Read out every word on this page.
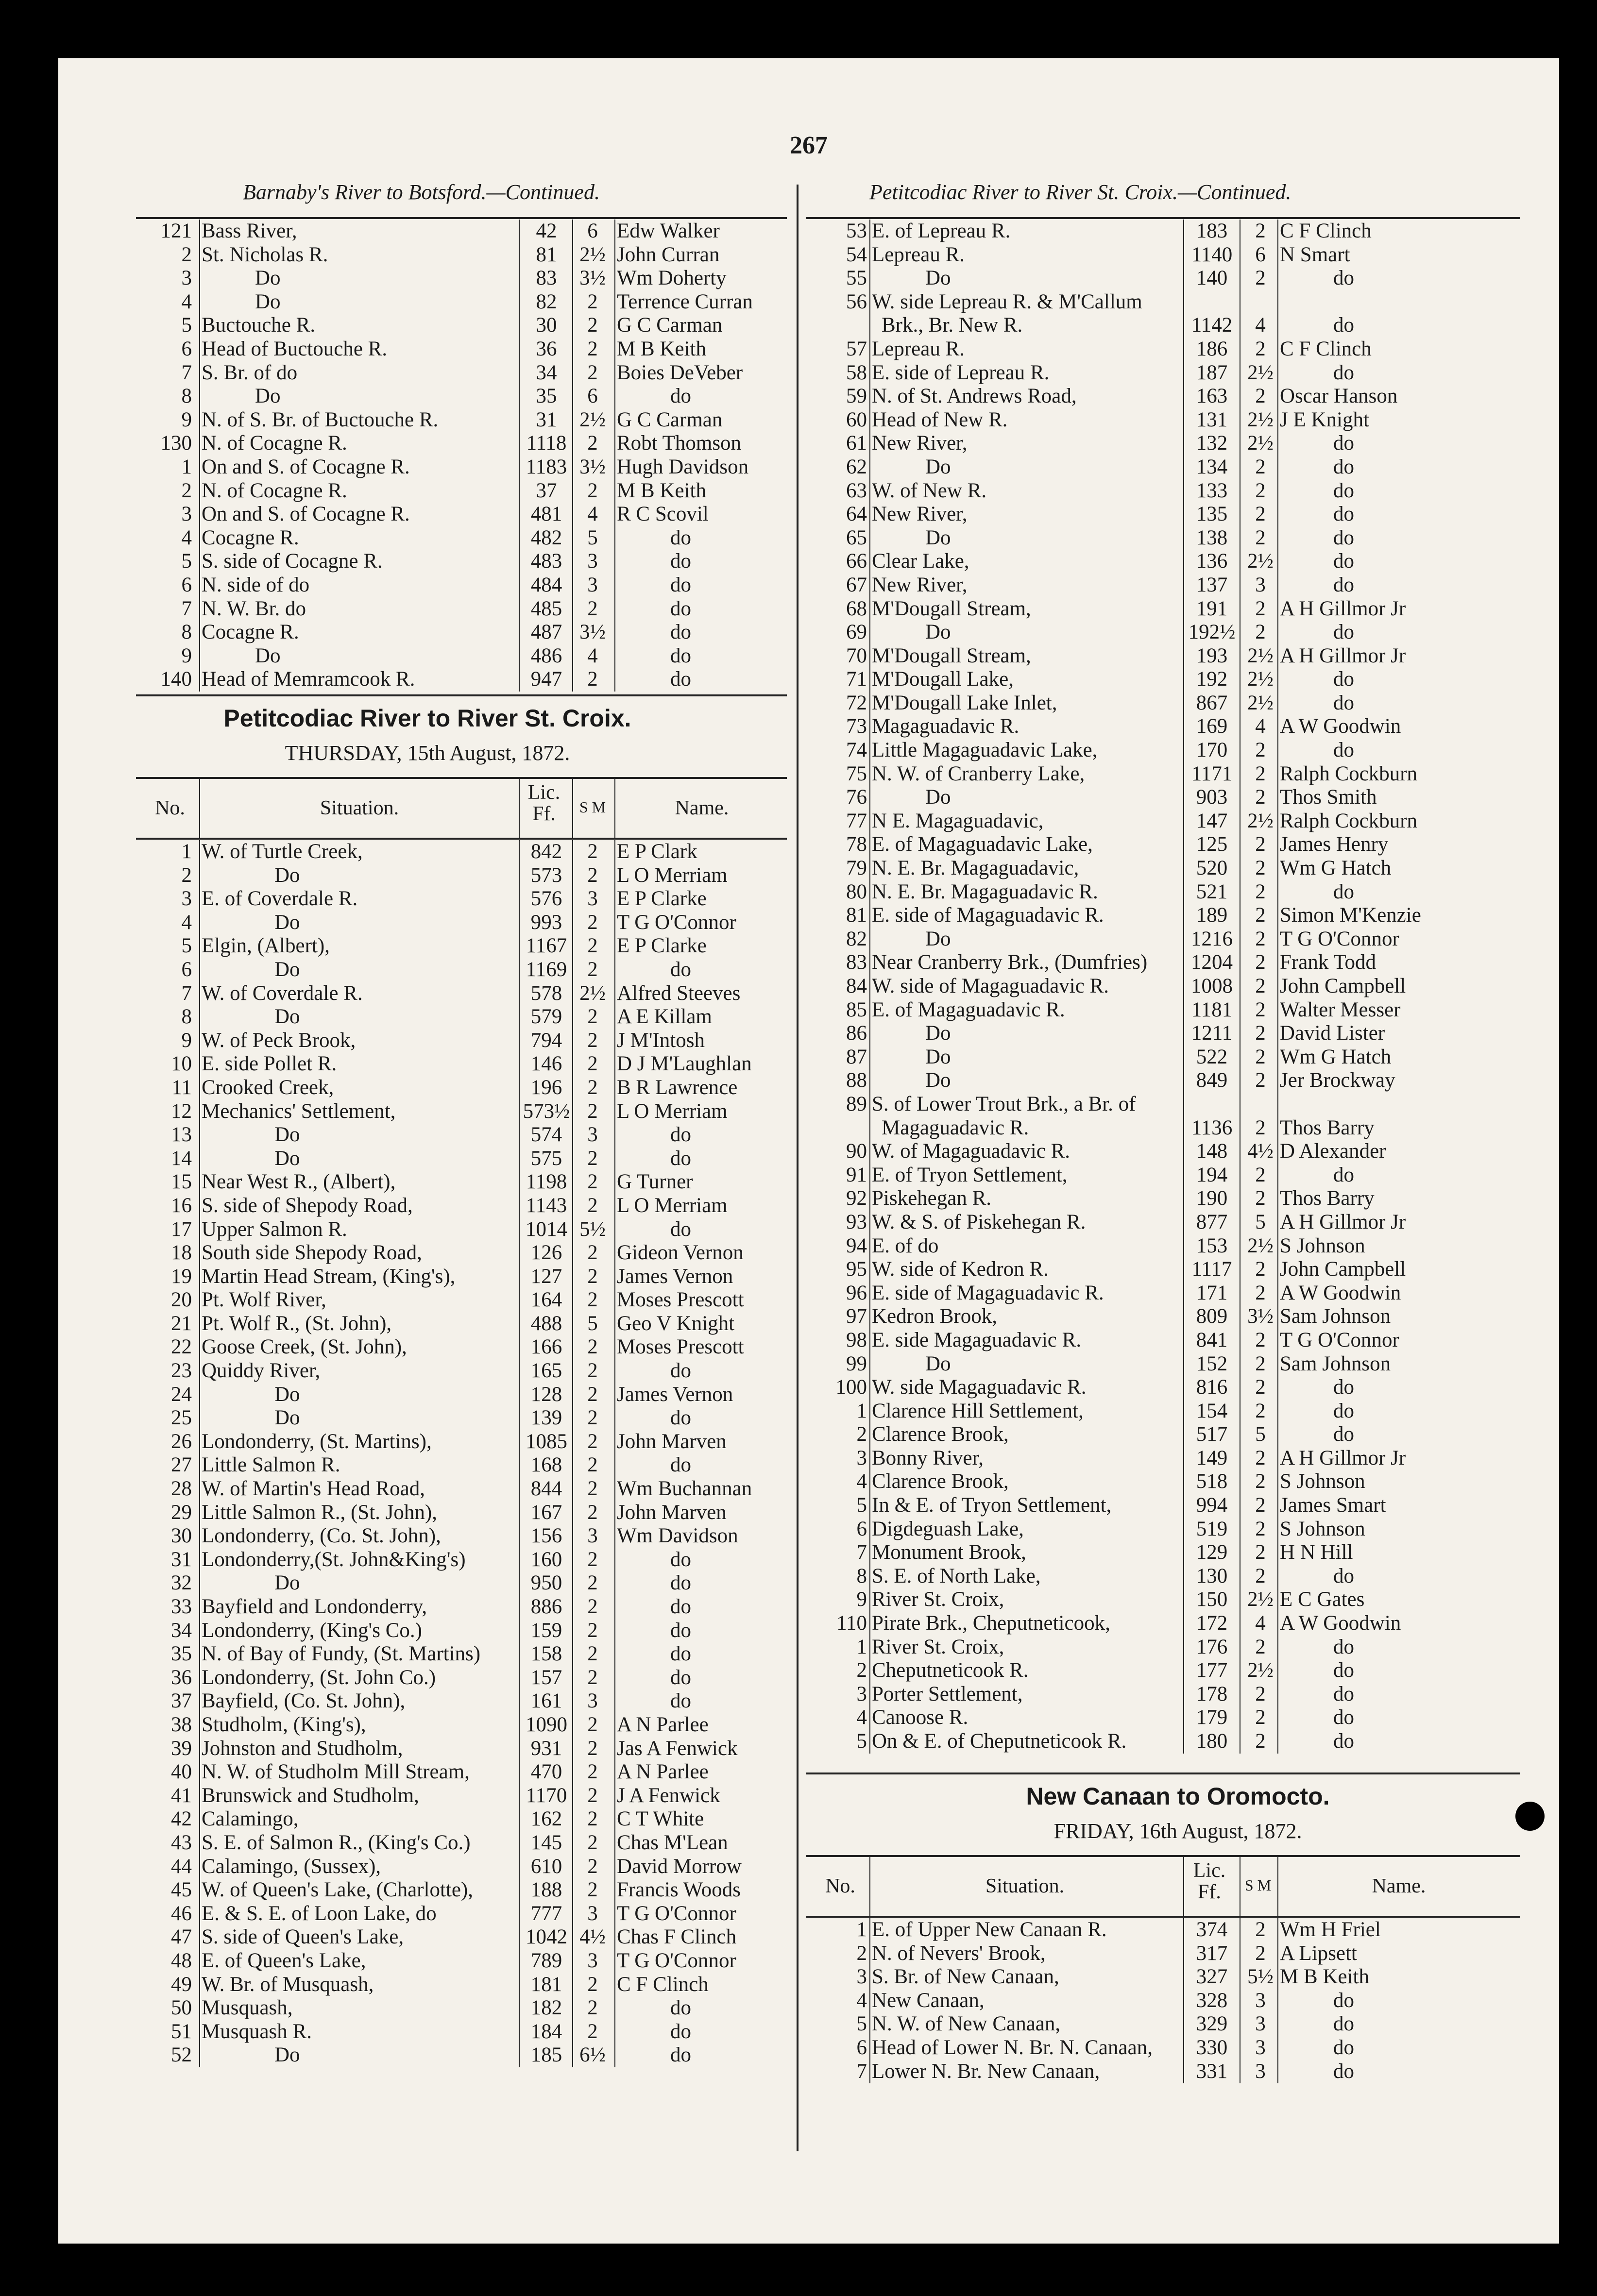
267
Barnaby's River to Botsford.—Continued.	Petitcodiac River to River St. Croix.—Continued.
121 Bass River,	42	6 Edw Walker
2 St. Nicholas R.	81	2½ John Curran
3	Do	83	3½ Wm Doherty
4	Do	82	2 Terrence Curran
5 Buctouche R.	30	2 G C Carman
6 Head of Buctouche R.	36	2 M B Keith
7 S. Br. of do	34	2 Boies DeVeber
8	Do	35	6	do
9 N. of S. Br. of Buctouche R.	31	2½ G C Carman
130 N. of Cocagne R.	1118 2 Robt Thomson
1 On and S. of Cocagne R.	1183 3½ Hugh Davidson
2 N. of Cocagne R.	37	2 M B Keith
3 On and S. of Cocagne R.	481	4 R C Scovil
4 Cocagne R.	482	5	do
5 S. side of Cocagne R.	483	3	do
6 N. side of do	484	3	do
7 N. W. Br. do	485	2	do
8 Cocagne R.	487 3½	do
9	Do	486	4	do
140 Head of Memramcook R.	947	2	do
Petitcodiac River to River St. Croix.
THURSDAY, 15th August, 1872.
No.	Situation.
Lic. Ff.	S M	Name.
1 W. of Turtle Creek,	842	2 E P Clark
2	Do	573	2 L O Merriam
3 E. of Coverdale R.	576	3 E P Clarke
4	Do	993	2 T G O'Connor
5 Elgin, (Albert),	1167 2 E P Clarke
6	Do	1169 2	do
7 W. of Coverdale R.	578 2½ Alfred Steeves
8	Do	579	2 A E Killam
9 W. of Peck Brook,	794	2 J M'Intosh
10 E. side Pollet R.	146	2 D J M'Laughlan
11 Crooked Creek,	196	2 B R Lawrence
12 Mechanics' Settlement,	573½ 2 L O Merriam
13	Do	574	3	do
14	Do	575	2	do
15 Near West R., (Albert),	1198 2 G Turner
16 S. side of Shepody Road,	1143 2 L O Merriam
17 Upper Salmon R.	1014 5½	do
18 South side Shepody Road,	126	2 Gideon Vernon
19 Martin Head Stream, (King's),	127	2 James Vernon
20 Pt. Wolf River,	164	2 Moses Prescott
21 Pt. Wolf R., (St. John),	488	5 Geo V Knight
22 Goose Creek, (St. John),	166	2 Moses Prescott
23 Quiddy River,	165	2	do
24	Do	128	2 James Vernon
25	Do	139	2	do
26 Londonderry, (St. Martins),	1085 2 John Marven
27 Little Salmon R.	168	2	do
28 W. of Martin's Head Road,	844	2 Wm Buchannan
29 Little Salmon R., (St. John),	167	2 John Marven
30 Londonderry, (Co. St. John),	156	3 Wm Davidson
31 Londonderry,(St. John&King's)	160	2	do
32	Do	950	2	do
33 Bayfield and Londonderry,	886	2	do
34 Londonderry, (King's Co.)	159	2	do
35 N. of Bay of Fundy, (St. Martins)	158	2	do
36 Londonderry, (St. John Co.)	157	2	do
37 Bayfield, (Co. St. John),	161	3	do
38 Studholm, (King's),	1090 2 A N Parlee
39 Johnston and Studholm,	931	2 Jas A Fenwick
40 N. W. of Studholm Mill Stream,	470	2 A N Parlee
41 Brunswick and Studholm,	1170 2 J A Fenwick
42 Calamingo,	162	2 C T White
43 S. E. of Salmon R., (King's Co.)	145	2 Chas M'Lean
44 Calamingo, (Sussex),	610	2 David Morrow
45 W. of Queen's Lake, (Charlotte),	188	2 Francis Woods
46 E. & S. E. of Loon Lake, do	777	3 T G O'Connor
47 S. side of Queen's Lake,	1042 4½ Chas F Clinch
48 E. of Queen's Lake,	789	3 T G O'Connor
49 W. Br. of Musquash,	181	2 C F Clinch
50 Musquash,	182	2	do
51 Musquash R.	184	2	do
52	Do	185 6½	do
53 E. of Lepreau R.	183	2 C F Clinch
54 Lepreau R.	1140	6 N Smart
55	Do	140	2	do
56 W. side Lepreau R. & M'Callum
Brk., Br. New R.	1142	4	do
57 Lepreau R.	186	2 C F Clinch
58 E. side of Lepreau R.	187 2½	do
59 N. of St. Andrews Road,	163	2 Oscar Hanson
60 Head of New R.	131 2½ J E Knight
61 New River,	132 2½	do
62	Do	134	2	do
63 W. of New R.	133	2	do
64 New River,	135	2	do
65	Do	138	2	do
66 Clear Lake,	136 2½	do
67 New River,	137	3	do
68 M'Dougall Stream,	191	2 A H Gillmor Jr
69	Do	192½ 2	do
70 M'Dougall Stream,	193 2½ A H Gillmor Jr
71 M'Dougall Lake,	192 2½	do
72 M'Dougall Lake Inlet,	867 2½	do
73 Magaguadavic R.	169	4 A W Goodwin
74 Little Magaguadavic Lake,	170	2	do
75 N. W. of Cranberry Lake,	1171	2 Ralph Cockburn
76	Do	903	2 Thos Smith
77 N E. Magaguadavic,	147 2½ Ralph Cockburn
78 E. of Magaguadavic Lake,	125	2 James Henry
79 N. E. Br. Magaguadavic,	520	2 Wm G Hatch
80 N. E. Br. Magaguadavic R.	521	2	do
81 E. side of Magaguadavic R.	189	2 Simon M'Kenzie
82	Do	1216	2 T G O'Connor
83 Near Cranberry Brk., (Dumfries)	1204	2 Frank Todd
84 W. side of Magaguadavic R.	1008	2 John Campbell
85 E. of Magaguadavic R.	1181	2 Walter Messer
86	Do	1211	2 David Lister
87	Do	522	2 Wm G Hatch
88	Do	849	2 Jer Brockway
89 S. of Lower Trout Brk., a Br. of
Magaguadavic R.	1136	2 Thos Barry
90 W. of Magaguadavic R.	148 4½ D Alexander
91 E. of Tryon Settlement,	194	2	do
92 Piskehegan R.	190	2 Thos Barry
93 W. & S. of Piskehegan R.	877	5 A H Gillmor Jr
94 E. of do	153 2½ S Johnson
95 W. side of Kedron R.	1117	2 John Campbell
96 E. side of Magaguadavic R.	171	2 A W Goodwin
97 Kedron Brook,	809 3½ Sam Johnson
98 E. side Magaguadavic R.	841	2 T G O'Connor
99	Do	152	2 Sam Johnson
100 W. side Magaguadavic R.	816	2	do
1 Clarence Hill Settlement,	154	2	do
2 Clarence Brook,	517	5	do
3 Bonny River,	149	2 A H Gillmor Jr
4 Clarence Brook,	518	2 S Johnson
5 In & E. of Tryon Settlement,	994	2 James Smart
6 Digdeguash Lake,	519	2 S Johnson
7 Monument Brook,	129	2 H N Hill
8 S. E. of North Lake,	130	2	do
9 River St. Croix,	150 2½ E C Gates
110 Pirate Brk., Cheputneticook,	172	4 A W Goodwin
1 River St. Croix,	176	2	do
2 Cheputneticook R.	177 2½	do
3 Porter Settlement,	178	2	do
4 Canoose R.	179	2	do
5 On & E. of Cheputneticook R.	180	2	do
New Canaan to Oromocto.
FRIDAY, 16th August, 1872.
No.	Situation.
Lic. Ff.	S M	Name.
1 E. of Upper New Canaan R.	374	2 Wm H Friel
2 N. of Nevers' Brook,	317	2 A Lipsett
3 S. Br. of New Canaan,	327 5½ M B Keith
4 New Canaan,	328	3	do
5 N. W. of New Canaan,	329	3	do
6 Head of Lower N. Br. N. Canaan,	330	3	do
7 Lower N. Br. New Canaan,	331	3	do
